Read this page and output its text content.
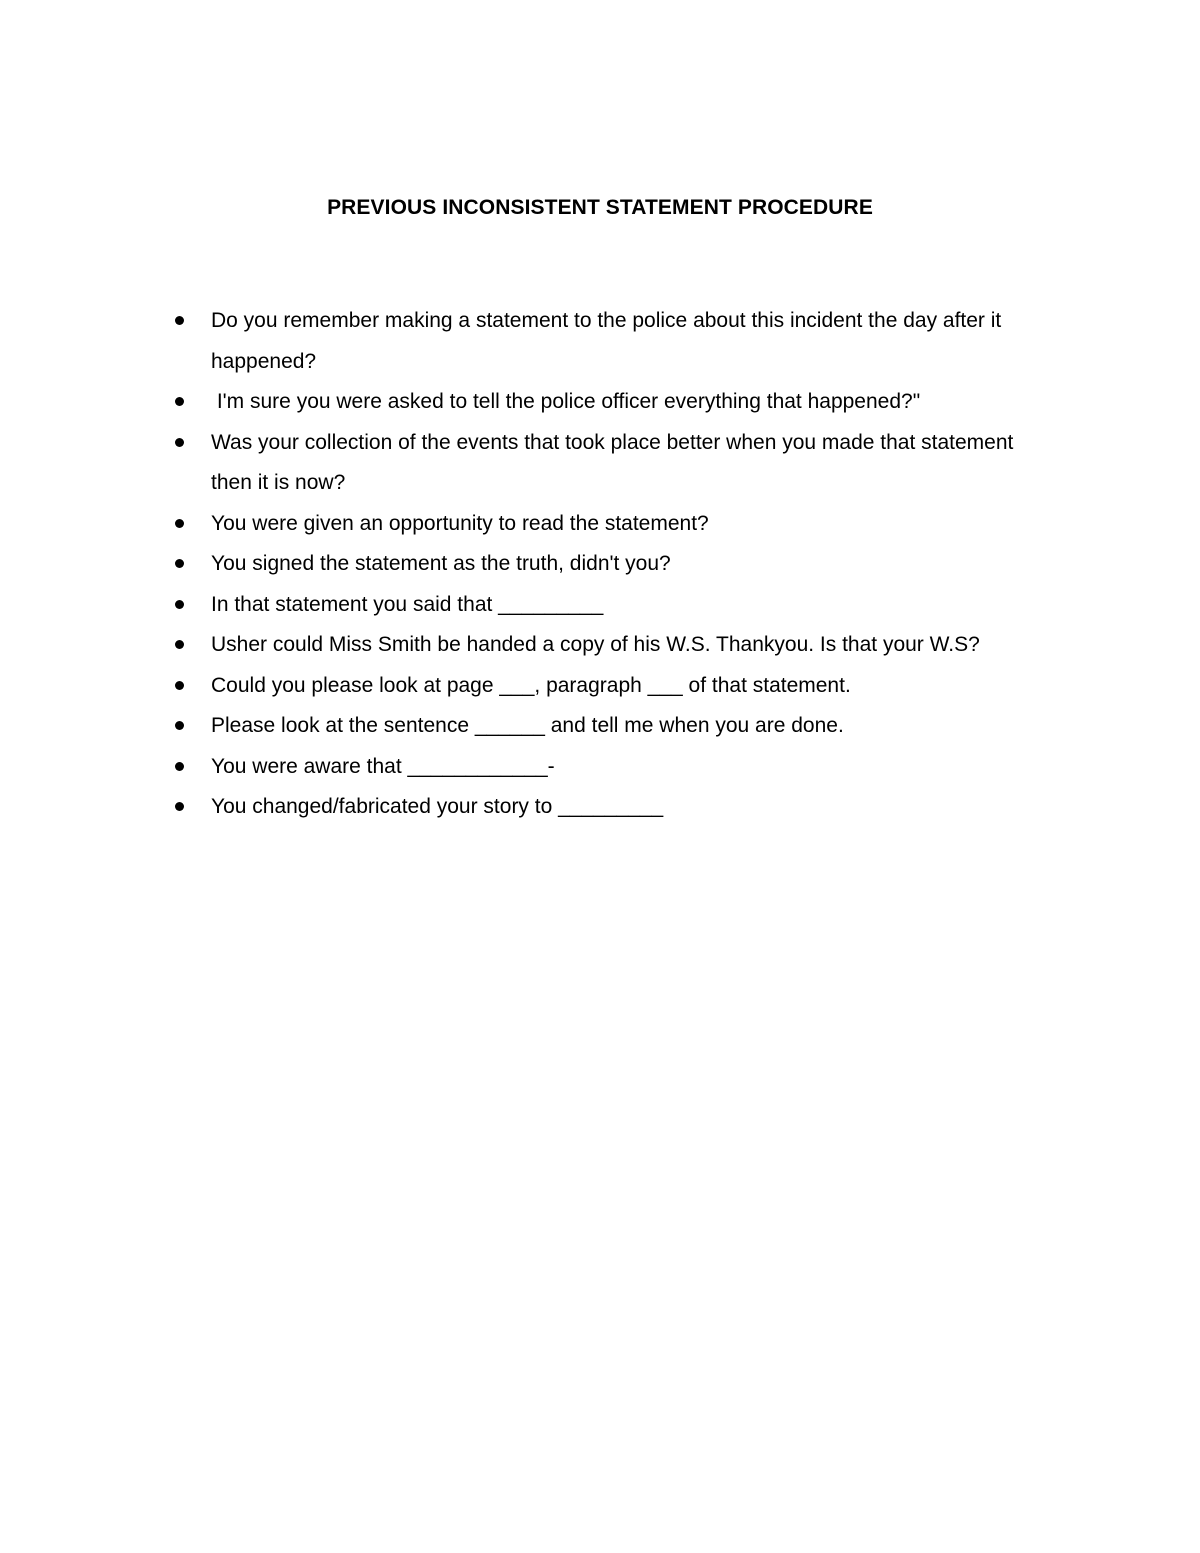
PREVIOUS INCONSISTENT STATEMENT PROCEDURE
Do you remember making a statement to the police about this incident the day after it happened?
I'm sure you were asked to tell the police officer everything that happened?"
Was your collection of the events that took place better when you made that statement then it is now?
You were given an opportunity to read the statement?
You signed the statement as the truth, didn't you?
In that statement you said that _________
Usher could Miss Smith be handed a copy of his W.S. Thankyou. Is that your W.S?
Could you please look at page ___, paragraph ___ of that statement.
Please look at the sentence ______ and tell me when you are done.
You were aware that ____________-
You changed/fabricated your story to _________
